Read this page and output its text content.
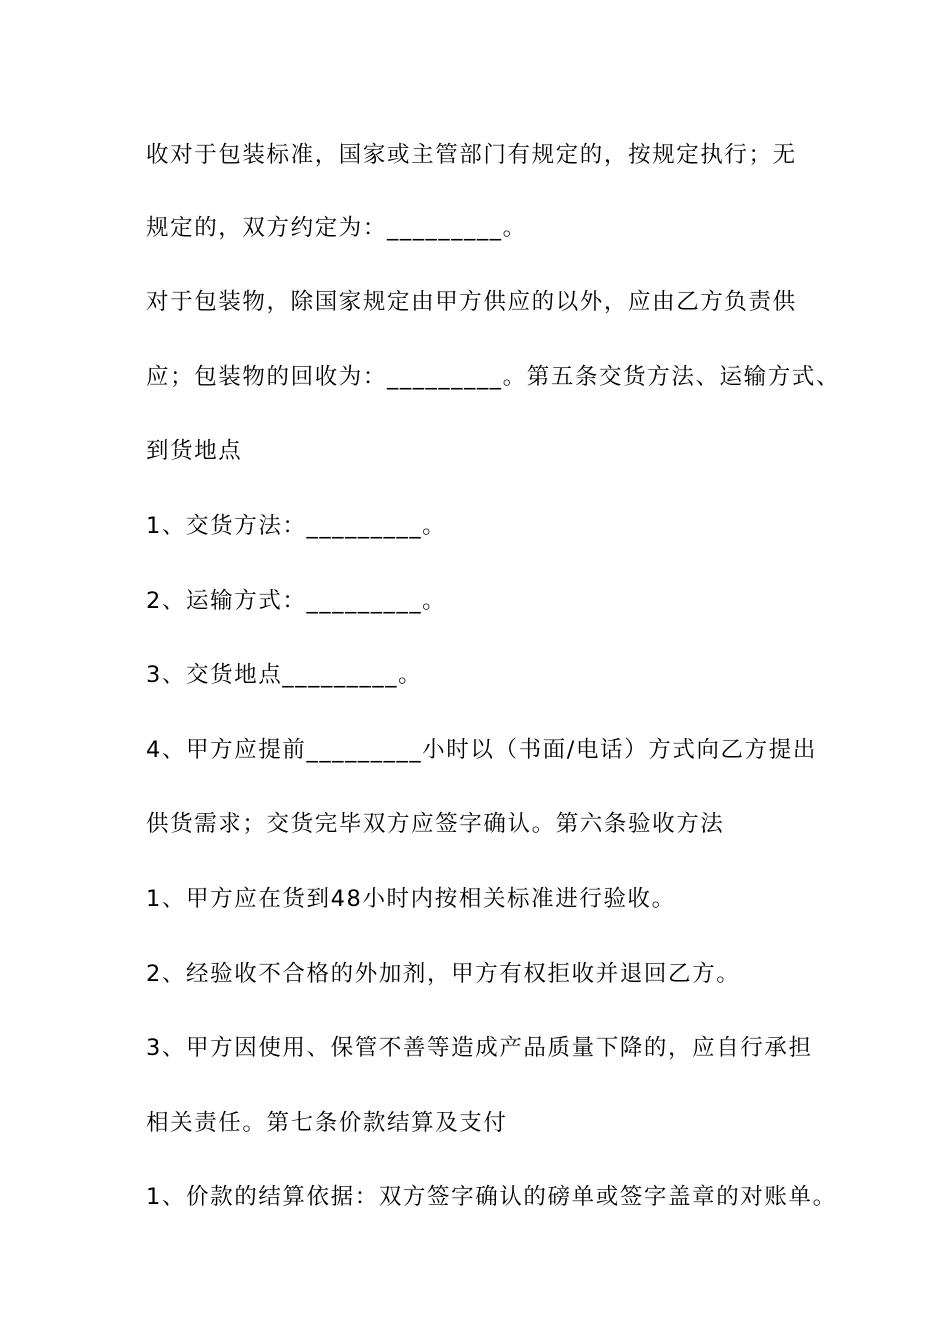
收对于包装标准，国家或主管部门有规定的，按规定执行；无
规定的，双方约定为：_________。
对于包装物，除国家规定由甲方供应的以外，应由乙方负责供
应；包装物的回收为：_________。第五条交货方法、运输方式、
到货地点
1、交货方法：_________。
2、运输方式：_________。
3、交货地点_________。
4、甲方应提前_________小时以（书面/电话）方式向乙方提出
供货需求；交货完毕双方应签字确认。第六条验收方法
1、甲方应在货到48小时内按相关标准进行验收。
2、经验收不合格的外加剂，甲方有权拒收并退回乙方。
3、甲方因使用、保管不善等造成产品质量下降的，应自行承担
相关责任。第七条价款结算及支付
1、价款的结算依据：双方签字确认的磅单或签字盖章的对账单。
